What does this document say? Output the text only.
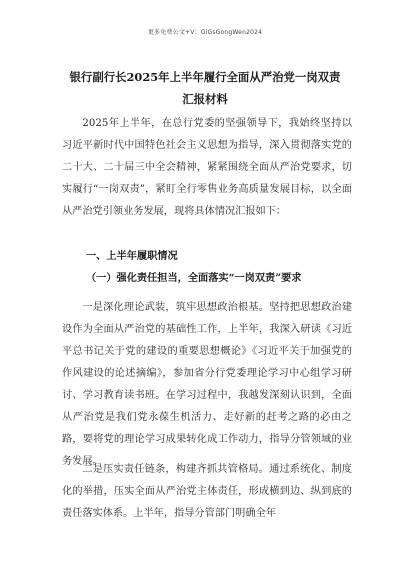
更多免费公文+V：GiGsGongWen2024
银行副行长2025年上半年履行全面从严治党一岗双责汇报材料

2025年上半年，在总行党委的坚强领导下，我始终坚持以习近平新时代中国特色社会主义思想为指导，深入贯彻落实党的二十大、二十届三中全会精神，紧紧围绕全面从严治党要求，切实履行“一岗双责”，紧盯全行零售业务高质量发展目标，以全面从严治党引领业务发展，现将具体情况汇报如下：

一、上半年履职情况
（一）强化责任担当，全面落实“一岗双责”要求

一是深化理论武装，筑牢思想政治根基。坚持把思想政治建设作为全面从严治党的基础性工作，上半年，我深入研读《习近平总书记关于党的建设的重要思想概论》《习近平关于加强党的作风建设的论述摘编》，参加省分行党委理论学习中心组学习研讨、学习教育读书班。在学习过程中，我越发深刻认识到，全面从严治党是我们党永葆生机活力、走好新的赶考之路的必由之路，要将党的理论学习成果转化成工作动力，指导分管领域的业务发展。

二是压实责任链条，构建齐抓共管格局。通过系统化、制度化的举措，压实全面从严治党主体责任，形成横到边、纵到底的责任落实体系。上半年，指导分管部门明确全年
